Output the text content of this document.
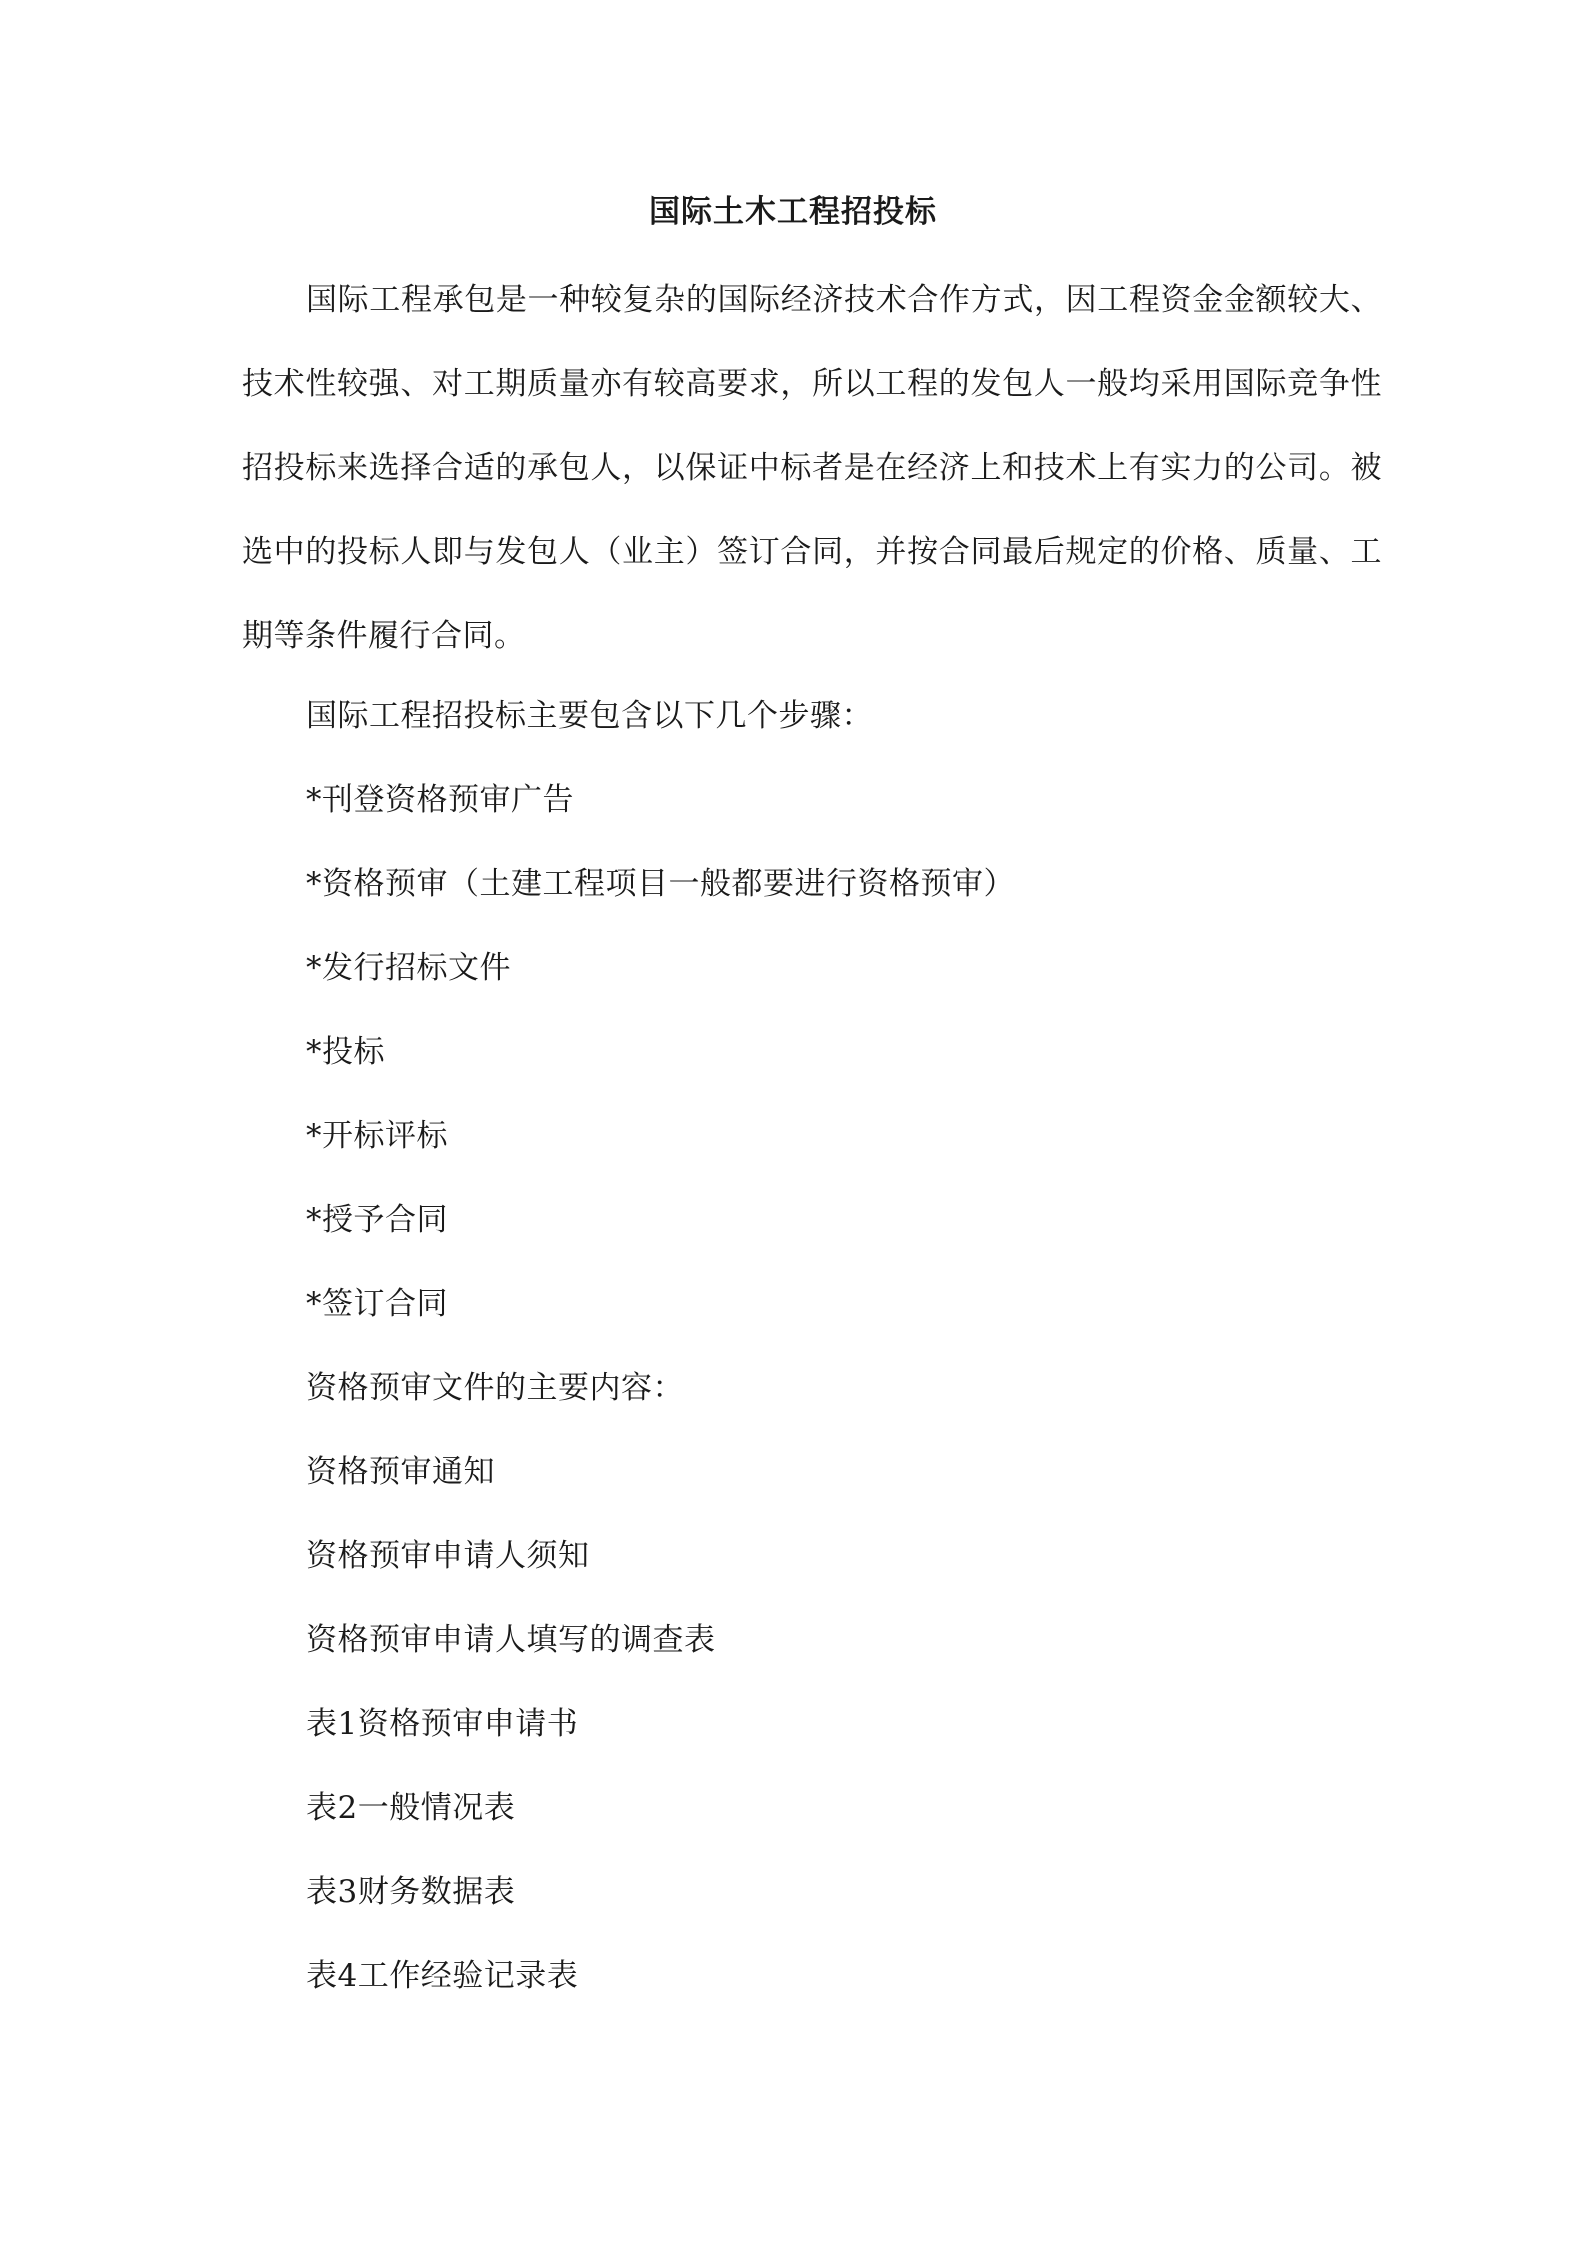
国际土木工程招投标
国际工程承包是一种较复杂的国际经济技术合作方式，因工程资金金额较大、技术性较强、对工期质量亦有较高要求，所以工程的发包人一般均采用国际竞争性招投标来选择合适的承包人，以保证中标者是在经济上和技术上有实力的公司。被选中的投标人即与发包人（业主）签订合同，并按合同最后规定的价格、质量、工期等条件履行合同。
国际工程招投标主要包含以下几个步骤：
*刊登资格预审广告
*资格预审（土建工程项目一般都要进行资格预审）
*发行招标文件
*投标
*开标评标
*授予合同
*签订合同
资格预审文件的主要内容：
资格预审通知
资格预审申请人须知
资格预审申请人填写的调查表
表1资格预审申请书
表2一般情况表
表3财务数据表
表4工作经验记录表
